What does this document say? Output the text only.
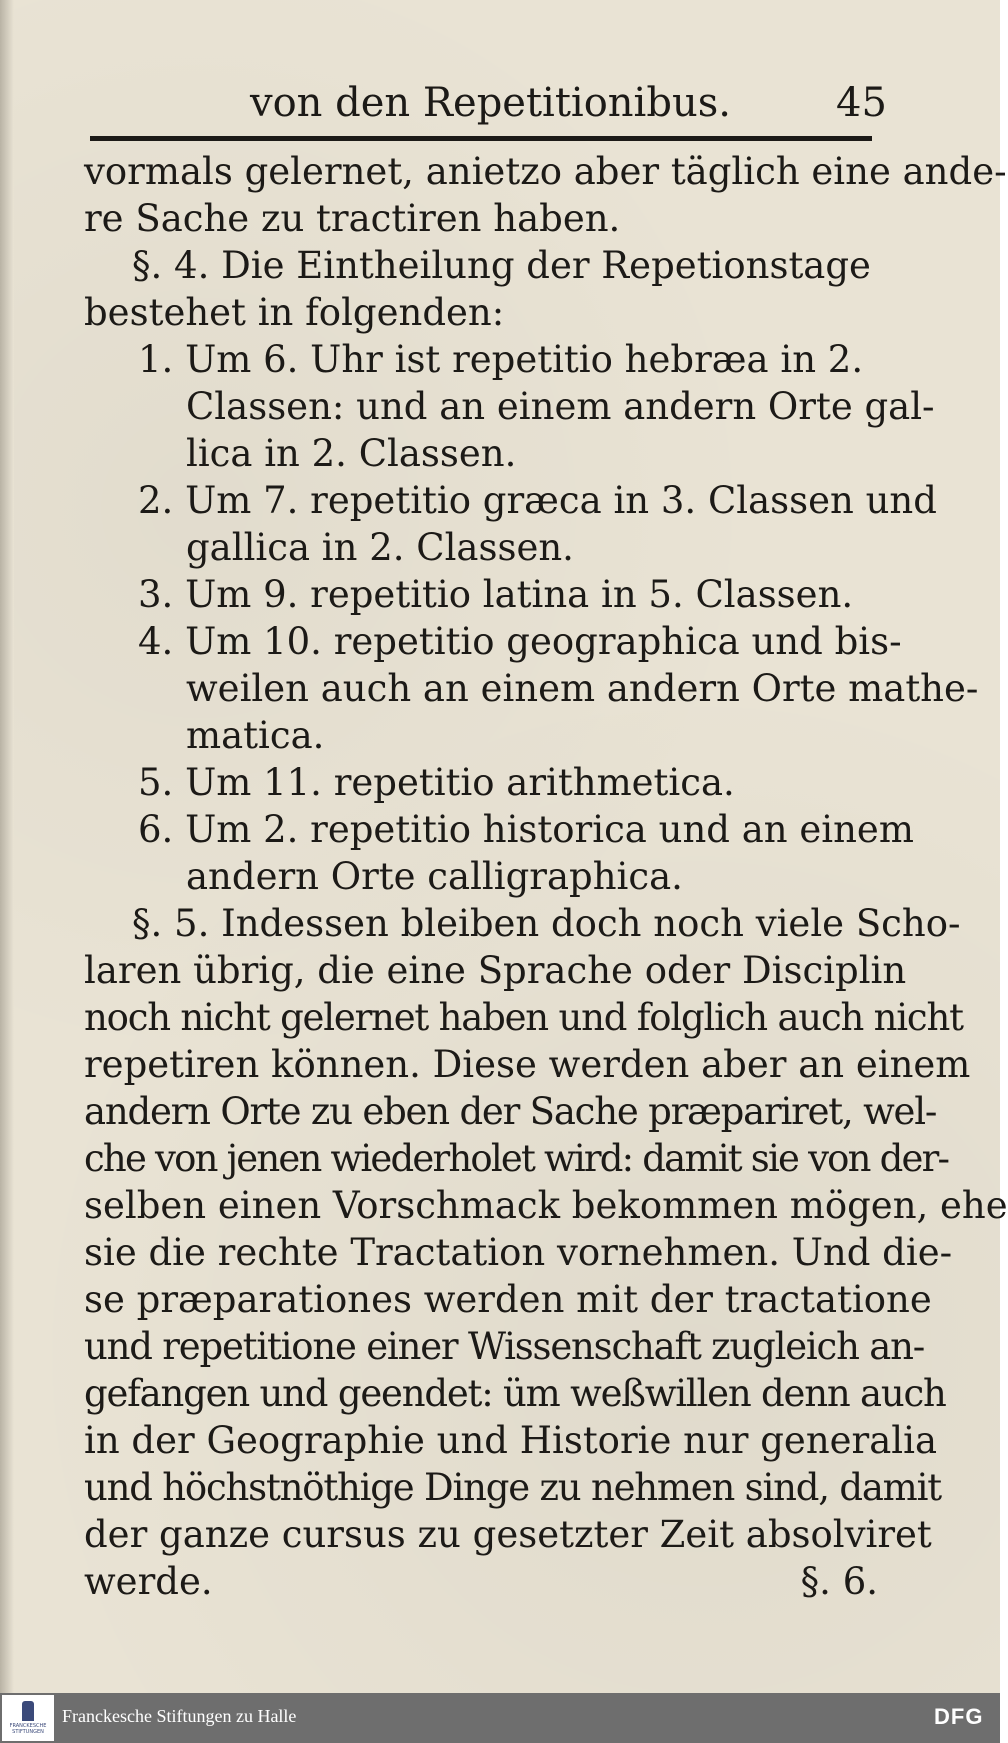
von den Repetitionibus.	45
vormals gelernet, anietzo aber täglich eine ande-
re Sache zu tractiren haben.
§. 4. Die Eintheilung der Repetionstage
bestehet in folgenden:
1. Um 6. Uhr ist repetitio hebræa in 2.
Classen: und an einem andern Orte gal-
lica in 2. Classen.
2. Um 7. repetitio græca in 3. Classen und
gallica in 2. Classen.
3. Um 9. repetitio latina in 5. Classen.
4. Um 10. repetitio geographica und bis-
weilen auch an einem andern Orte mathe-
matica.
5. Um 11. repetitio arithmetica.
6. Um 2. repetitio historica und an einem
andern Orte calligraphica.
§. 5. Indessen bleiben doch noch viele Scho-
laren übrig, die eine Sprache oder Disciplin
noch nicht gelernet haben und folglich auch nicht
repetiren können. Diese werden aber an einem
andern Orte zu eben der Sache præpariret, wel-
che von jenen wiederholet wird: damit sie von der-
selben einen Vorschmack bekommen mögen, ehe
sie die rechte Tractation vornehmen. Und die-
se præparationes werden mit der tractatione
und repetitione einer Wissenschaft zugleich an-
gefangen und geendet: üm weßwillen denn auch
in der Geographie und Historie nur generalia
und höchstnöthige Dinge zu nehmen sind, damit
der ganze cursus zu gesetzter Zeit absolviret
werde.	§. 6.
FRANCKESCHE STIFTUNGEN
Franckesche Stiftungen zu Halle	DFG
